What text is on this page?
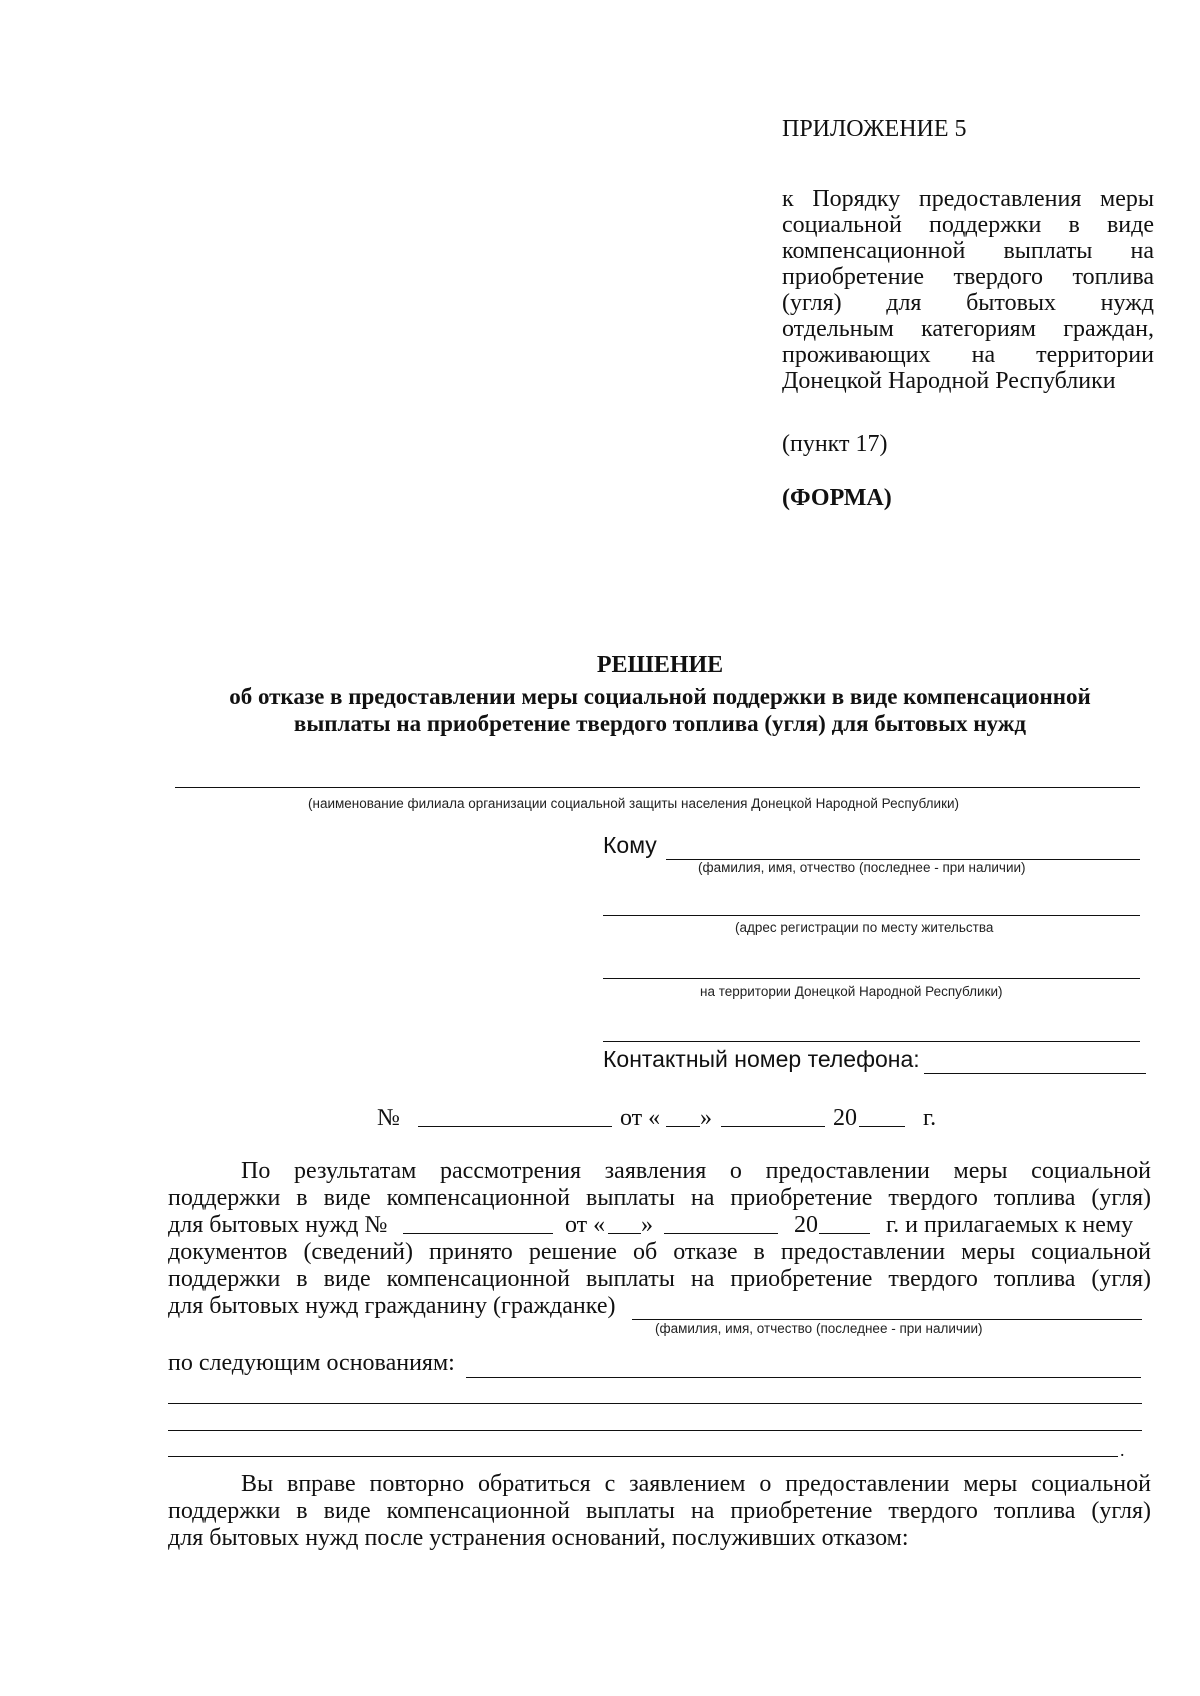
ПРИЛОЖЕНИЕ 5
к Порядку предоставления меры социальной поддержки в виде компенсационной выплаты на приобретение твердого топлива (угля) для бытовых нужд отдельным категориям граждан, проживающих на территории Донецкой Народной Республики
(пункт 17)
(ФОРМА)
РЕШЕНИЕ
об отказе в предоставлении меры социальной поддержки в виде компенсационной
выплаты на приобретение твердого топлива (угля) для бытовых нужд
(наименование филиала организации социальной защиты населения Донецкой Народной Республики)
Кому
(фамилия, имя, отчество (последнее - при наличии)
(адрес регистрации по месту жительства
на территории Донецкой Народной Республики)
Контактный номер телефона:
№	от « »	20	г.
По результатам рассмотрения заявления о предоставлении меры социальной
поддержки в виде компенсационной выплаты на приобретение твердого топлива (угля)
для бытовых нужд №	от « »	20	г. и прилагаемых к нему
документов (сведений) принято решение об отказе в предоставлении меры социальной
поддержки в виде компенсационной выплаты на приобретение твердого топлива (угля)
для бытовых нужд гражданину (гражданке)
(фамилия, имя, отчество (последнее - при наличии)
по следующим основаниям:
.
Вы вправе повторно обратиться с заявлением о предоставлении меры социальной
поддержки в виде компенсационной выплаты на приобретение твердого топлива (угля)
для бытовых нужд после устранения оснований, послуживших отказом:
